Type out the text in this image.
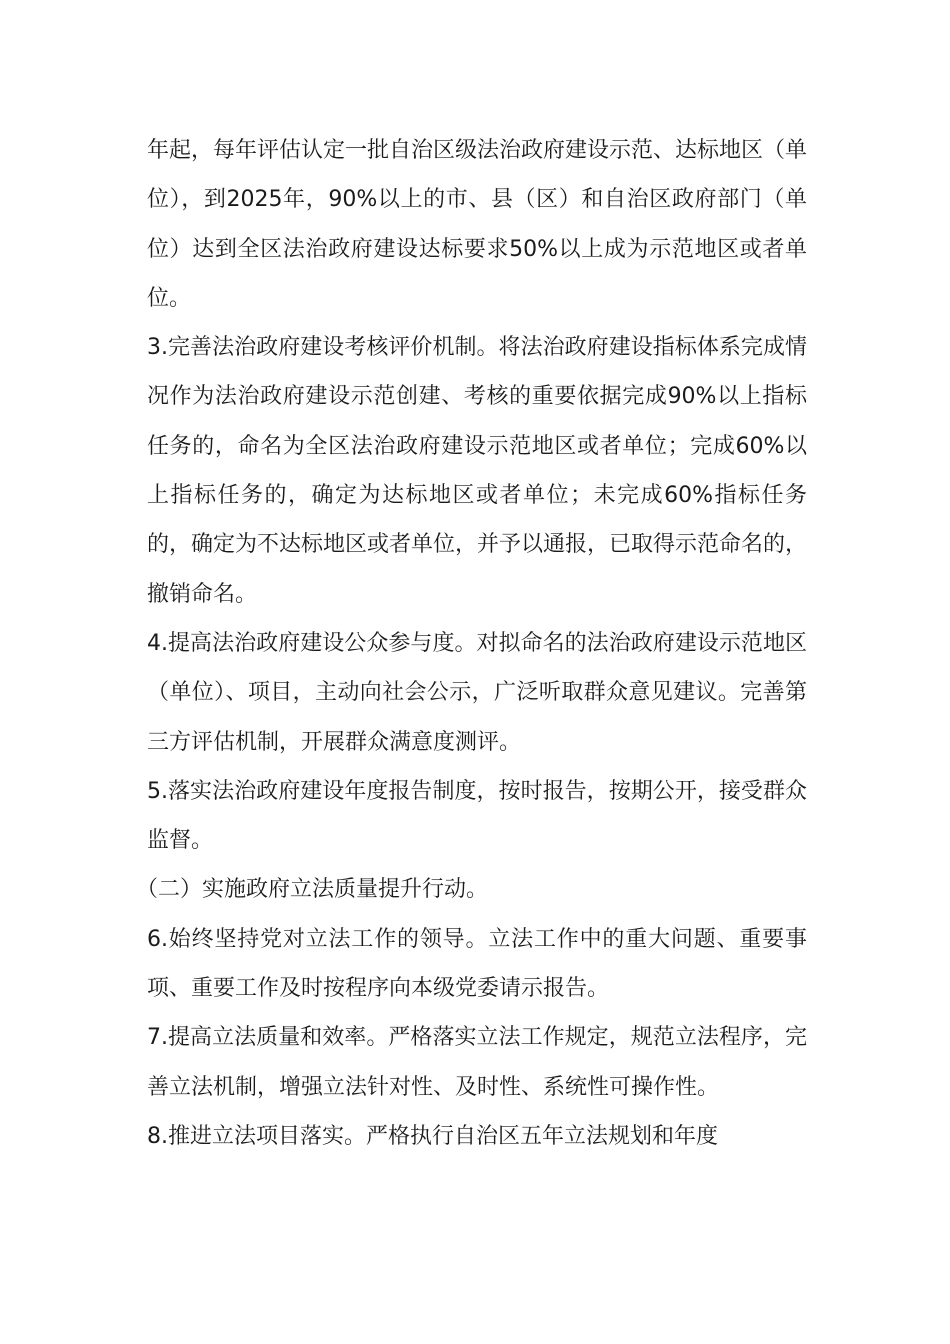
年起，每年评估认定一批自治区级法治政府建设示范、达标地区（单位），到2025年，90%以上的市、县（区）和自治区政府部门（单位）达到全区法治政府建设达标要求50%以上成为示范地区或者单位。

3.完善法治政府建设考核评价机制。将法治政府建设指标体系完成情况作为法治政府建设示范创建、考核的重要依据完成90%以上指标任务的，命名为全区法治政府建设示范地区或者单位；完成60%以上指标任务的，确定为达标地区或者单位；未完成60%指标任务的，确定为不达标地区或者单位，并予以通报，已取得示范命名的，撤销命名。

4.提高法治政府建设公众参与度。对拟命名的法治政府建设示范地区（单位）、项目，主动向社会公示，广泛听取群众意见建议。完善第三方评估机制，开展群众满意度测评。

5.落实法治政府建设年度报告制度，按时报告，按期公开，接受群众监督。

（二）实施政府立法质量提升行动。

6.始终坚持党对立法工作的领导。立法工作中的重大问题、重要事项、重要工作及时按程序向本级党委请示报告。

7.提高立法质量和效率。严格落实立法工作规定，规范立法程序，完善立法机制，增强立法针对性、及时性、系统性可操作性。

8.推进立法项目落实。严格执行自治区五年立法规划和年度
